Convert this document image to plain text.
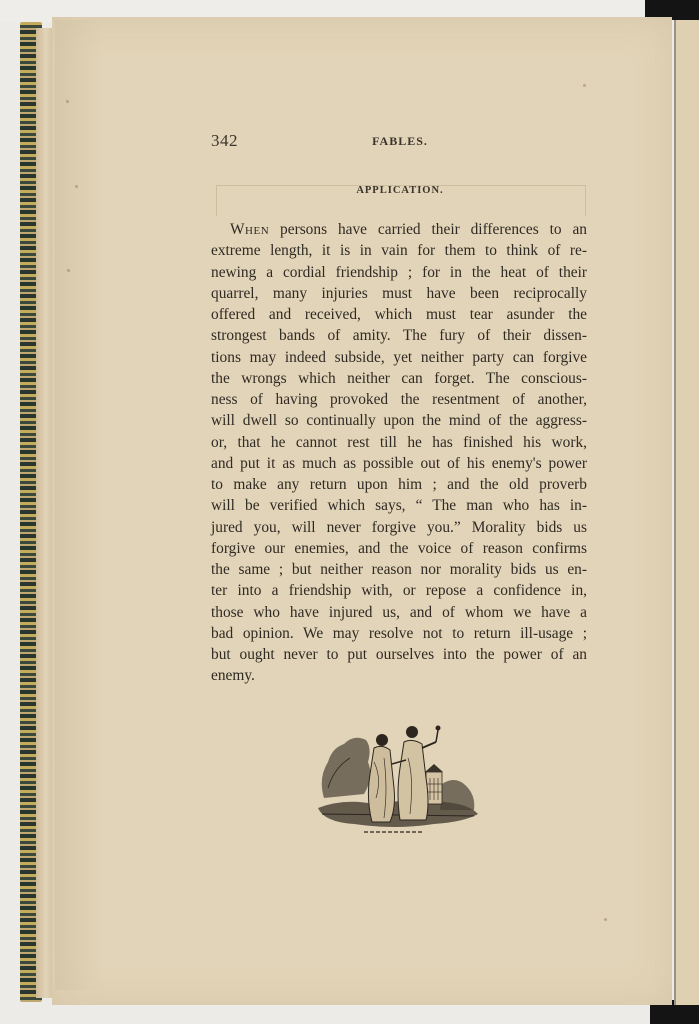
342	FABLES.
APPLICATION.
When persons have carried their differences to an
extreme length, it is in vain for them to think of re-
newing a cordial friendship ; for in the heat of their
quarrel, many injuries must have been reciprocally
offered and received, which must tear asunder the
strongest bands of amity. The fury of their dissen-
tions may indeed subside, yet neither party can forgive
the wrongs which neither can forget. The conscious-
ness of having provoked the resentment of another,
will dwell so continually upon the mind of the aggress-
or, that he cannot rest till he has finished his work,
and put it as much as possible out of his enemy's power
to make any return upon him ; and the old proverb
will be verified which says, “ The man who has in-
jured you, will never forgive you.” Morality bids us
forgive our enemies, and the voice of reason confirms
the same ; but neither reason nor morality bids us en-
ter into a friendship with, or repose a confidence in,
those who have injured us, and of whom we have a
bad opinion. We may resolve not to return ill-usage ;
but ought never to put ourselves into the power of an
enemy.
